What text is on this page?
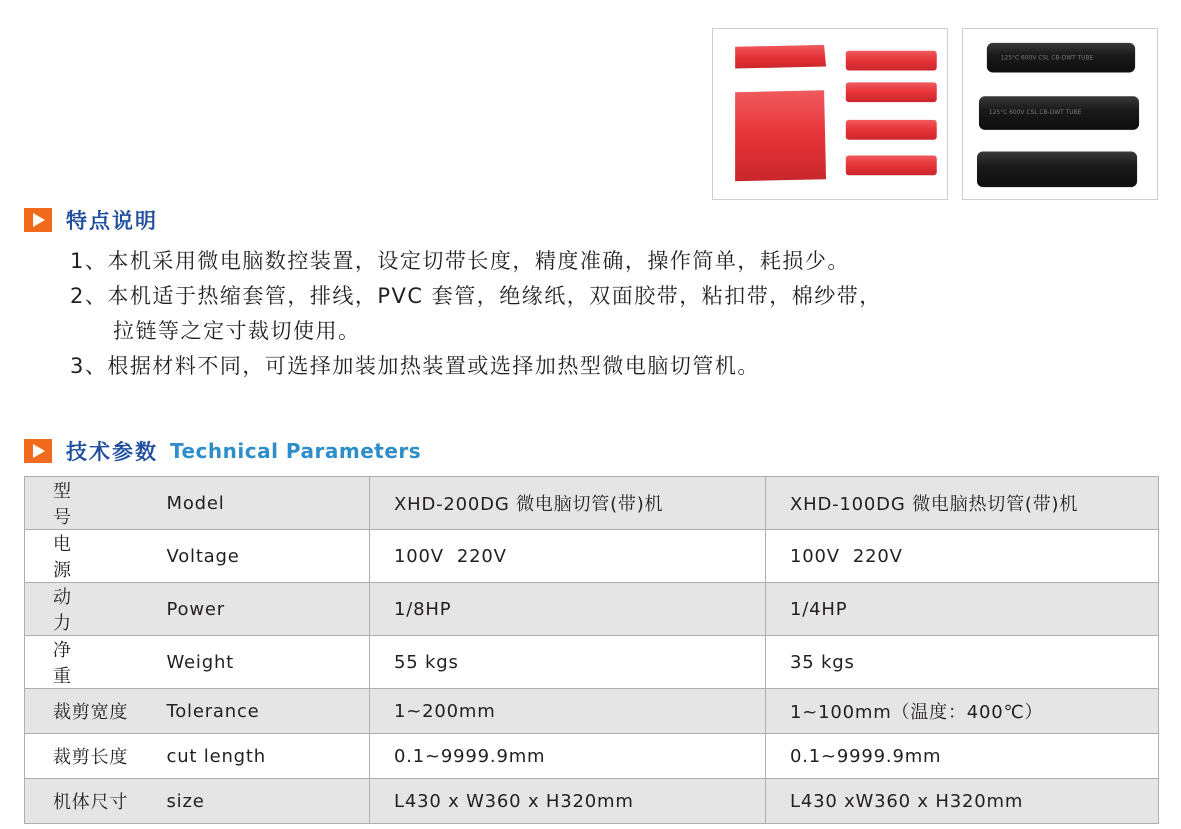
125°C 600V CSL CB-DWT TUBE
125°C 600V CSL CB-DWT TUBE
特点说明
1、本机采用微电脑数控装置，设定切带长度，精度准确，操作简单，耗损少。
2、本机适于热缩套管，排线，PVC 套管，绝缘纸，双面胶带，粘扣带，棉纱带，
拉链等之定寸裁切使用。
3、根据材料不同，可选择加装加热装置或选择加热型微电脑切管机。
技术参数 Technical Parameters
型号	Model	XHD-200DG 微电脑切管(带)机	XHD-100DG 微电脑热切管(带)机
电源	Voltage	100V  220V	100V  220V
动力	Power	1/8HP	1/4HP
净重	Weight	55 kgs	35 kgs
裁剪宽度	Tolerance	1~200mm	1~100mm（温度：400℃）
裁剪长度	cut length	0.1~9999.9mm	0.1~9999.9mm
机体尺寸	size	L430 x W360 x H320mm	L430 xW360 x H320mm
